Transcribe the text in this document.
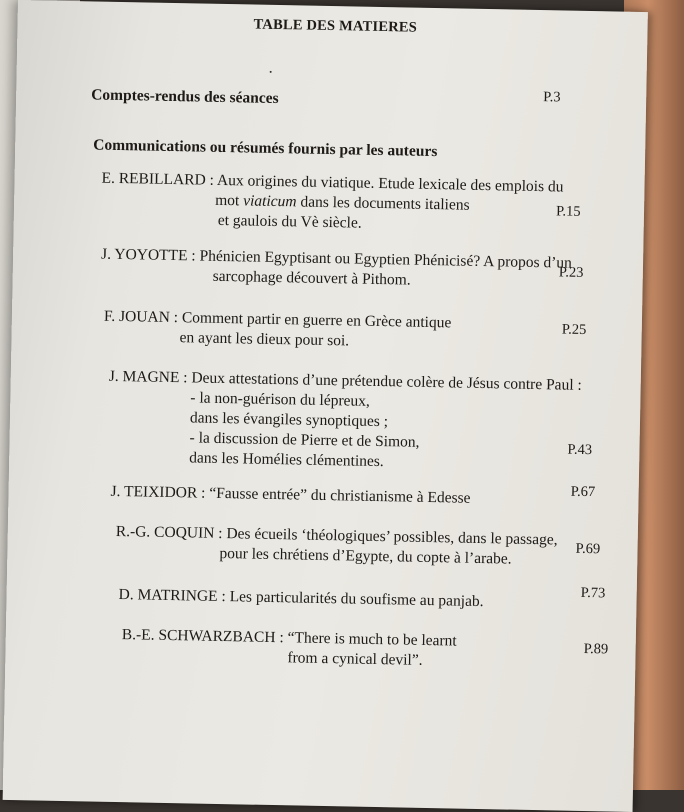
TABLE DES MATIERES
Comptes-rendus des séances	P.3
Communications ou résumés fournis par les auteurs
E. REBILLARD : Aux origines du viatique. Etude lexicale des emplois du
mot viaticum dans les documents italiens
et gaulois du Vè siècle.
P.15
J. YOYOTTE : Phénicien Egyptisant ou Egyptien Phénicisé? A propos d’un
sarcophage découvert à Pithom.	P.23
F. JOUAN : Comment partir en guerre en Grèce antique
en ayant les dieux pour soi.	P.25
J. MAGNE : Deux attestations d’une prétendue colère de Jésus contre Paul :
- la non-guérison du lépreux,
dans les évangiles synoptiques ;
- la discussion de Pierre et de Simon,
dans les Homélies clémentines.	P.43
J. TEIXIDOR : “Fausse entrée” du christianisme à Edesse	P.67
R.-G. COQUIN : Des écueils ‘théologiques’ possibles, dans le passage,
pour les chrétiens d’Egypte, du copte à l’arabe.	P.69
D. MATRINGE : Les particularités du soufisme au panjab.	P.73
B.-E. SCHWARZBACH : “There is much to be learnt
from a cynical devil”.
P.89
